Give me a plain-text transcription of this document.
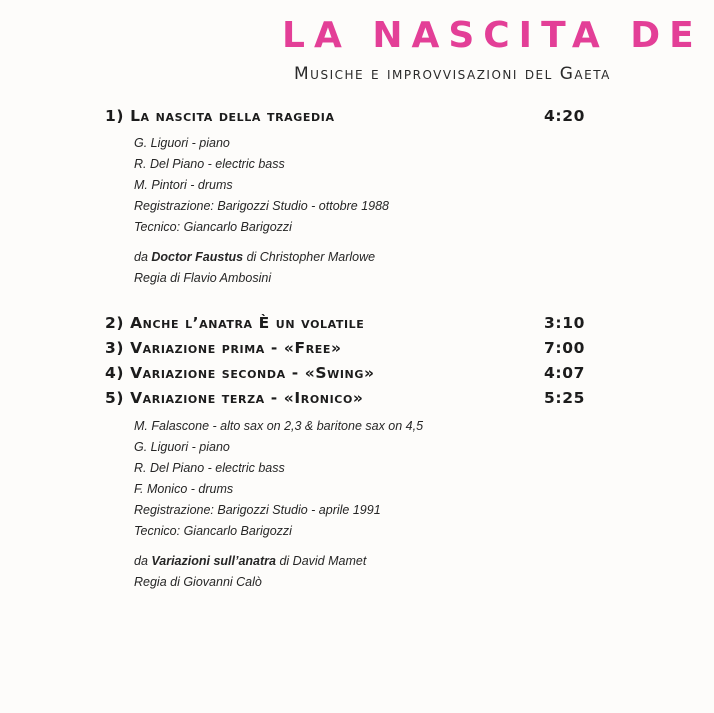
LA NASCITA DE
Musiche e improvvisazioni del Gaeta
1) La nascita della tragedia	4:20
G. Liguori - piano
R. Del Piano - electric bass
M. Pintori - drums
Registrazione: Barigozzi Studio - ottobre 1988
Tecnico: Giancarlo Barigozzi
da Doctor Faustus di Christopher Marlowe
Regia di Flavio Ambosini
2) Anche l’anatra È un volatile	3:10
3) Variazione prima - «Free»	7:00
4) Variazione seconda - «Swing»	4:07
5) Variazione terza - «Ironico»	5:25
M. Falascone - alto sax on 2,3 & baritone sax on 4,5
G. Liguori - piano
R. Del Piano - electric bass
F. Monico - drums
Registrazione: Barigozzi Studio - aprile 1991
Tecnico: Giancarlo Barigozzi
da Variazioni sull’anatra di David Mamet
Regia di Giovanni Calò
